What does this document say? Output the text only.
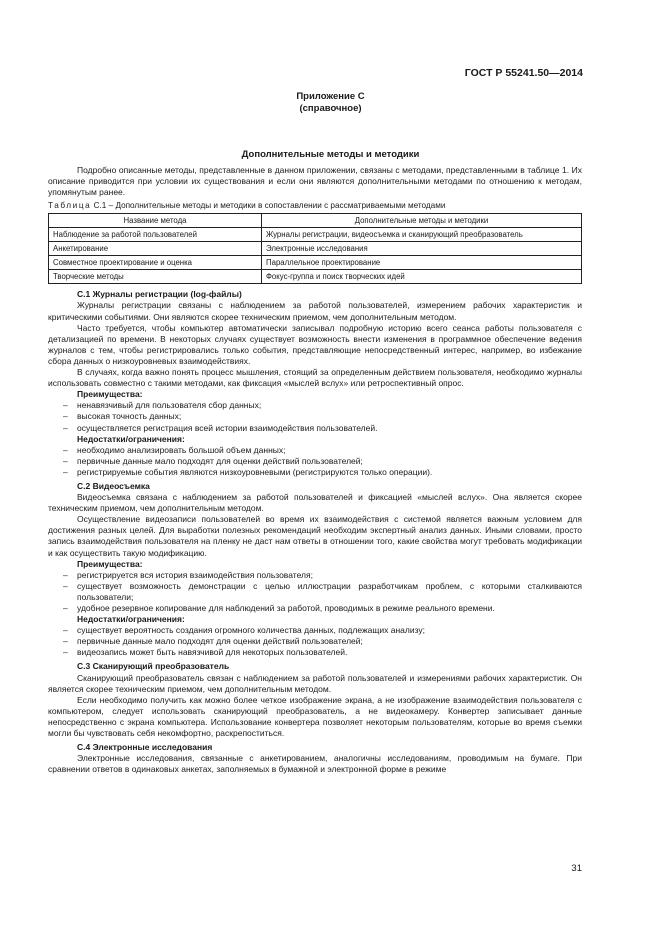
ГОСТ Р 55241.50—2014
Приложение С
(справочное)
Дополнительные методы и методики

Подробно описанные методы, представленные в данном приложении, связаны с методами, представленными в таблице 1. Их описание приводится при условии их существования и если они являются дополнительными методами по отношению к методам, упомянутым ранее.

Таблица С.1 – Дополнительные методы и методики в сопоставлении с рассматриваемыми методами

Название метода	Дополнительные методы и методики
Наблюдение за работой пользователей	Журналы регистрации, видеосъемка и сканирующий преобразователь
Анкетирование	Электронные исследования
Совместное проектирование и оценка	Параллельное проектирование
Творческие методы	Фокус-группа и поиск творческих идей

С.1 Журналы регистрации (log-файлы)

Журналы регистрации связаны с наблюдением за работой пользователей, измерением рабочих характеристик и критическими событиями. Они являются скорее техническим приемом, чем дополнительным методом.

Часто требуется, чтобы компьютер автоматически записывал подробную историю всего сеанса работы пользователя с детализацией по времени. В некоторых случаях существует возможность внести изменения в программное обеспечение ведения журналов с тем, чтобы регистрировались только события, представляющие непосредственный интерес, например, во избежание сбора данных о низкоуровневых взаимодействиях.

В случаях, когда важно понять процесс мышления, стоящий за определенным действием пользователя, необходимо журналы использовать совместно с такими методами, как фиксация «мыслей вслух» или ретроспективный опрос.

Преимущества:

– ненавязчивый для пользователя сбор данных;
– высокая точность данных;
– осуществляется регистрация всей истории взаимодействия пользователей.

Недостатки/ограничения:

– необходимо анализировать большой объем данных;
– первичные данные мало подходят для оценки действий пользователей;
– регистрируемые события являются низкоуровневыми (регистрируются только операции).

С.2 Видеосъемка

Видеосъемка связана с наблюдением за работой пользователей и фиксацией «мыслей вслух». Она является скорее техническим приемом, чем дополнительным методом.

Осуществление видеозаписи пользователей во время их взаимодействия с системой является важным условием для достижения разных целей. Для выработки полезных рекомендаций необходим экспертный анализ данных. Иными словами, просто запись взаимодействия пользователя на пленку не даст нам ответы в отношении того, какие свойства могут требовать модификации и как осуществить такую модификацию.

Преимущества:

– регистрируется вся история взаимодействия пользователя;
– существует возможность демонстрации с целью иллюстрации разработчикам проблем, с которыми сталкиваются пользователи;
– удобное резервное копирование для наблюдений за работой, проводимых в режиме реального времени.

Недостатки/ограничения:

– существует вероятность создания огромного количества данных, подлежащих анализу;
– первичные данные мало подходят для оценки действий пользователей;
– видеозапись может быть навязчивой для некоторых пользователей.

С.3 Сканирующий преобразователь

Сканирующий преобразователь связан с наблюдением за работой пользователей и измерениями рабочих характеристик. Он является скорее техническим приемом, чем дополнительным методом.

Если необходимо получить как можно более четкое изображение экрана, а не изображение взаимодействия пользователя с компьютером, следует использовать сканирующий преобразователь, а не видеокамеру. Конвертер записывает данные непосредственно с экрана компьютера. Использование конвертера позволяет некоторым пользователям, которые во время съемки могли бы чувствовать себя некомфортно, раскрепоститься.

С.4 Электронные исследования

Электронные исследования, связанные с анкетированием, аналогичны исследованиям, проводимым на бумаге. При сравнении ответов в одинаковых анкетах, заполняемых в бумажной и электронной форме в режиме

31
